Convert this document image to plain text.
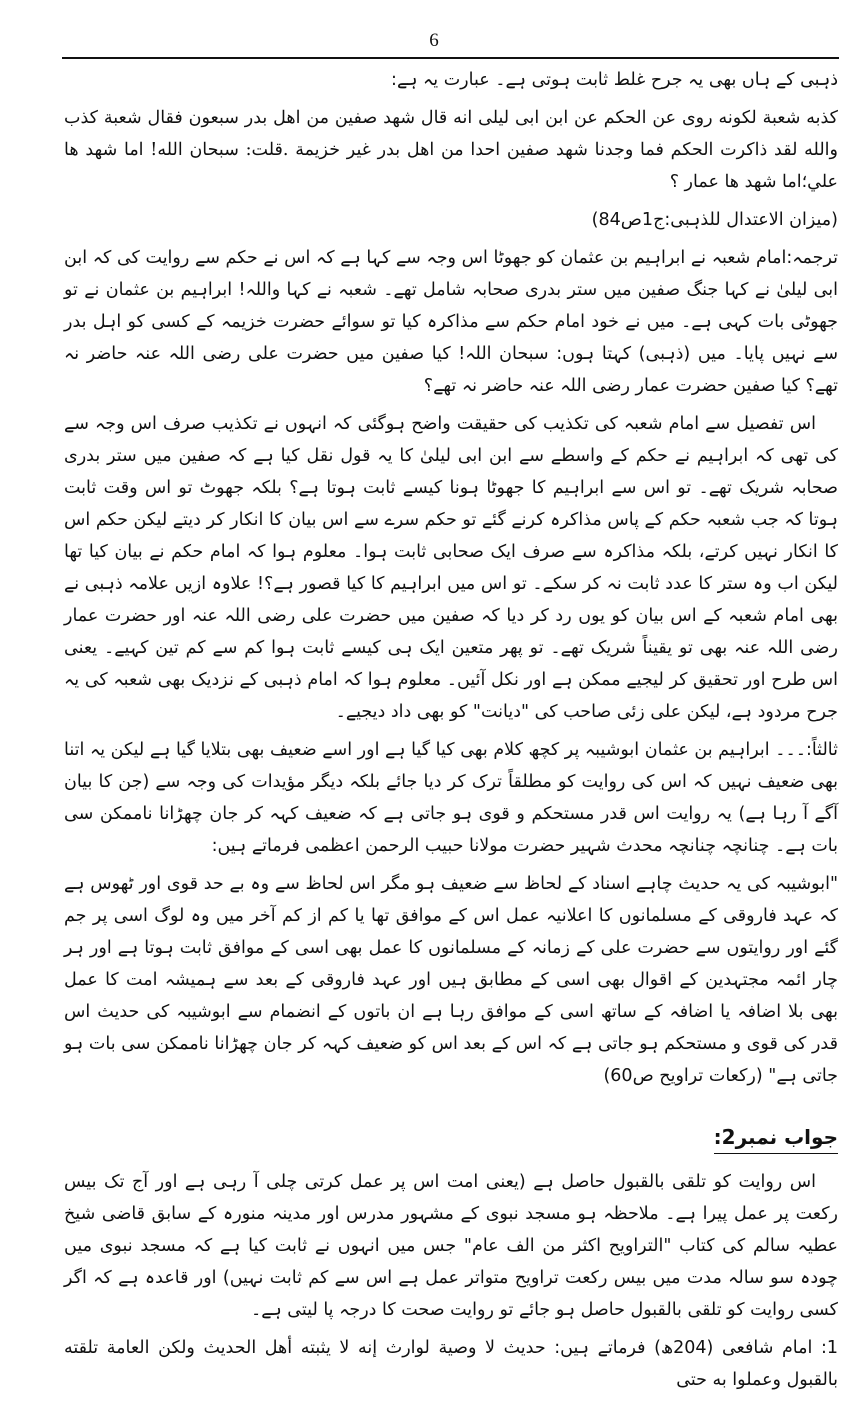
6

ذہبی کے ہاں بھی یہ جرح غلط ثابت ہوتی ہے۔ عبارت یہ ہے:

كذبه شعبة لكونه روى عن الحكم عن ابن ابى ليلى انه قال شهد صفين من اهل بدر سبعون فقال شعبة كذب والله لقد ذاكرت الحكم فما وجدنا شهد صفين احدا من اهل بدر غير خزيمة .قلت: سبحان الله! اما شهد ها علي؛اما شهد ها عمار ؟

(میزان الاعتدال للذہبی:ج1ص84)

ترجمہ:امام شعبہ نے ابراہیم بن عثمان کو جھوٹا اس وجہ سے کہا ہے کہ اس نے حکم سے روایت کی کہ ابن ابی لیلیٰ نے کہا جنگ صفین میں ستر بدری صحابہ شامل تھے۔ شعبہ نے کہا واللہ! ابراہیم بن عثمان نے تو جھوٹی بات کہی ہے۔ میں نے خود امام حکم سے مذاکرہ کیا تو سوائے حضرت خزیمہ کے کسی کو اہل بدر سے نہیں پایا۔ میں (ذہبی) کہتا ہوں: سبحان اللہ! کیا صفین میں حضرت علی رضی اللہ عنہ حاضر نہ تھے؟ کیا صفین حضرت عمار رضی اللہ عنہ حاضر نہ تھے؟

اس تفصیل سے امام شعبہ کی تکذیب کی حقیقت واضح ہوگئی کہ انہوں نے تکذیب صرف اس وجہ سے کی تھی کہ ابراہیم نے حکم کے واسطے سے ابن ابی لیلیٰ کا یہ قول نقل کیا ہے کہ صفین میں ستر بدری صحابہ شریک تھے۔ تو اس سے ابراہیم کا جھوٹا ہونا کیسے ثابت ہوتا ہے؟ بلکہ جھوٹ تو اس وقت ثابت ہوتا کہ جب شعبہ حکم کے پاس مذاکرہ کرنے گئے تو حکم سرے سے اس بیان کا انکار کر دیتے لیکن حکم اس کا انکار نہیں کرتے، بلکہ مذاکرہ سے صرف ایک صحابی ثابت ہوا۔ معلوم ہوا کہ امام حکم نے بیان کیا تھا لیکن اب وہ ستر کا عدد ثابت نہ کر سکے۔ تو اس میں ابراہیم کا کیا قصور ہے؟! علاوہ ازیں علامہ ذہبی نے بھی امام شعبہ کے اس بیان کو یوں رد کر دیا کہ صفین میں حضرت علی رضی اللہ عنہ اور حضرت عمار رضی اللہ عنہ بھی تو یقیناً شریک تھے۔ تو پھر متعین ایک ہی کیسے ثابت ہوا کم سے کم تین کہیے۔ یعنی اس طرح اور تحقیق کر لیجیے ممکن ہے اور نکل آئیں۔ معلوم ہوا کہ امام ذہبی کے نزدیک بھی شعبہ کی یہ جرح مردود ہے، لیکن علی زئی صاحب کی "دیانت" کو بھی داد دیجیے۔

ثالثاً:۔۔۔ ابراہیم بن عثمان ابوشیبہ پر کچھ کلام بھی کیا گیا ہے اور اسے ضعیف بھی بتلایا گیا ہے لیکن یہ اتنا بھی ضعیف نہیں کہ اس کی روایت کو مطلقاً ترک کر دیا جائے بلکہ دیگر مؤیدات کی وجہ سے (جن کا بیان آگے آ رہا ہے) یہ روایت اس قدر مستحکم و قوی ہو جاتی ہے کہ ضعیف کہہ کر جان چھڑانا ناممکن سی بات ہے۔ چنانچہ چنانچہ محدث شہیر حضرت مولانا حبیب الرحمن اعظمی فرماتے ہیں:

"ابوشیبہ کی یہ حدیث چاہے اسناد کے لحاظ سے ضعیف ہو مگر اس لحاظ سے وہ بے حد قوی اور ٹھوس ہے کہ عہد فاروقی کے مسلمانوں کا اعلانیہ عمل اس کے موافق تھا یا کم از کم آخر میں وہ لوگ اسی پر جم گئے اور روایتوں سے حضرت علی کے زمانہ کے مسلمانوں کا عمل بھی اسی کے موافق ثابت ہوتا ہے اور ہر چار ائمہ مجتہدین کے اقوال بھی اسی کے مطابق ہیں اور عہد فاروقی کے بعد سے ہمیشہ امت کا عمل بھی بلا اضافہ یا اضافہ کے ساتھ اسی کے موافق رہا ہے ان باتوں کے انضمام سے ابوشیبہ کی حدیث اس قدر کی قوی و مستحکم ہو جاتی ہے کہ اس کے بعد اس کو ضعیف کہہ کر جان چھڑانا ناممکن سی بات ہو جاتی ہے" (رکعات تراویح ص60)

جواب نمبر2:

اس روایت کو تلقی بالقبول حاصل ہے (یعنی امت اس پر عمل کرتی چلی آ رہی ہے اور آج تک بیس رکعت پر عمل پیرا ہے۔ ملاحظہ ہو مسجد نبوی کے مشہور مدرس اور مدینہ منورہ کے سابق قاضی شیخ عطیہ سالم کی کتاب "التراويح اكثر من الف عام" جس میں انہوں نے ثابت کیا ہے کہ مسجد نبوی میں چودہ سو سالہ مدت میں بیس رکعت تراویح متواتر عمل ہے اس سے کم ثابت نہیں) اور قاعدہ ہے کہ اگر کسی روایت کو تلقی بالقبول حاصل ہو جائے تو روایت صحت کا درجہ پا لیتی ہے۔

1: امام شافعی (204ھ) فرماتے ہیں: حديث لا وصية لوارث إنه لا يثبته أهل الحديث ولكن العامة تلقته بالقبول وعملوا به حتى
